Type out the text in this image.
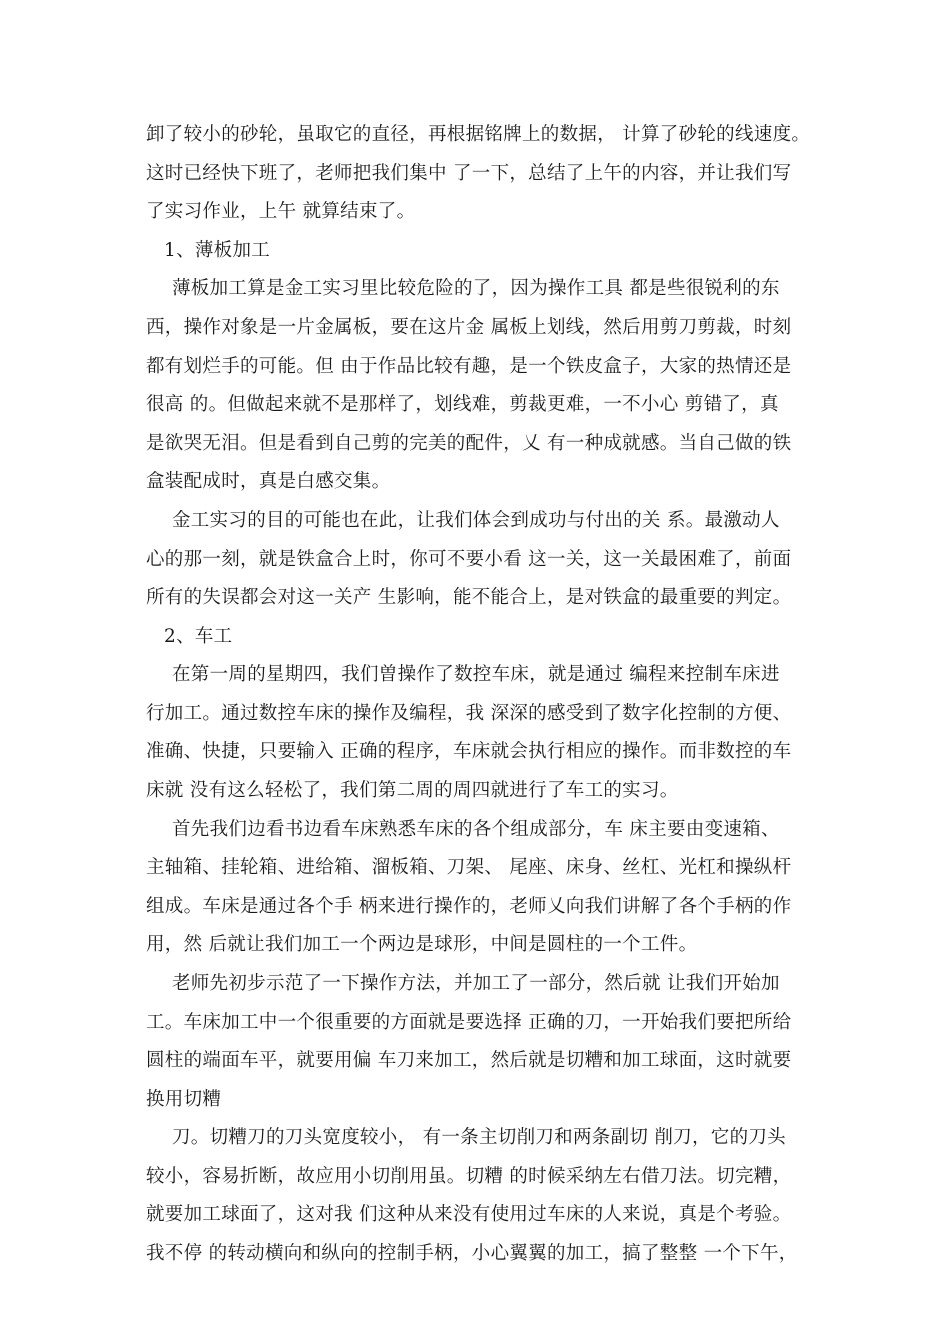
卸了较小的砂轮，虽取它的直径，再根据铭牌上的数据， 计算了砂轮的线速度。
这时已经快下班了，老师把我们集中 了一下，总结了上午的内容，并让我们写
了实习作业，上午 就算结束了。
1、薄板加工
薄板加工算是金工实习里比较危险的了，因为操作工具 都是些很锐利的东
西，操作对象是一片金属板，要在这片金 属板上划线，然后用剪刀剪裁，时刻
都有划烂手的可能。但 由于作品比较有趣，是一个铁皮盒子，大家的热情还是
很高 的。但做起来就不是那样了，划线难，剪裁更难，一不小心 剪错了，真
是欲哭无泪。但是看到自己剪的完美的配件，乂 有一种成就感。当自己做的铁
盒装配成时，真是白感交集。
金工实习的目的可能也在此，让我们体会到成功与付出的关 系。最激动人
心的那一刻，就是铁盒合上时，你可不要小看 这一关，这一关最困难了，前面
所有的失误都会对这一关产 生影响，能不能合上，是对铁盒的最重要的判定。
2、车工
在第一周的星期四，我们曽操作了数控车床，就是通过 编程来控制车床进
行加工。通过数控车床的操作及编程，我 深深的感受到了数字化控制的方便、
准确、快捷，只要输入 正确的程序，车床就会执行相应的操作。而非数控的车
床就 没有这么轻松了，我们第二周的周四就进行了车工的实习。
首先我们边看书边看车床熟悉车床的各个组成部分，车 床主要由变速箱、
主轴箱、挂轮箱、进给箱、溜板箱、刀架、 尾座、床身、丝杠、光杠和操纵杆
组成。车床是通过各个手 柄来进行操作的，老师乂向我们讲解了各个手柄的作
用，然 后就让我们加工一个两边是球形，中间是圆柱的一个工件。
老师先初步示范了一下操作方法，并加工了一部分，然后就 让我们开始加
工。车床加工中一个很重要的方面就是要选择 正确的刀，一开始我们要把所给
圆柱的端面车平，就要用偏 车刀来加工，然后就是切糟和加工球面，这时就要
换用切糟
刀。切糟刀的刀头宽度较小， 有一条主切削刀和两条副切 削刀，它的刀头
较小，容易折断，故应用小切削用虽。切糟 的时候采纳左右借刀法。切完糟，
就要加工球面了，这对我 们这种从来没有使用过车床的人来说，真是个考验。
我不停 的转动横向和纵向的控制手柄，小心翼翼的加工，搞了整整 一个下午，
